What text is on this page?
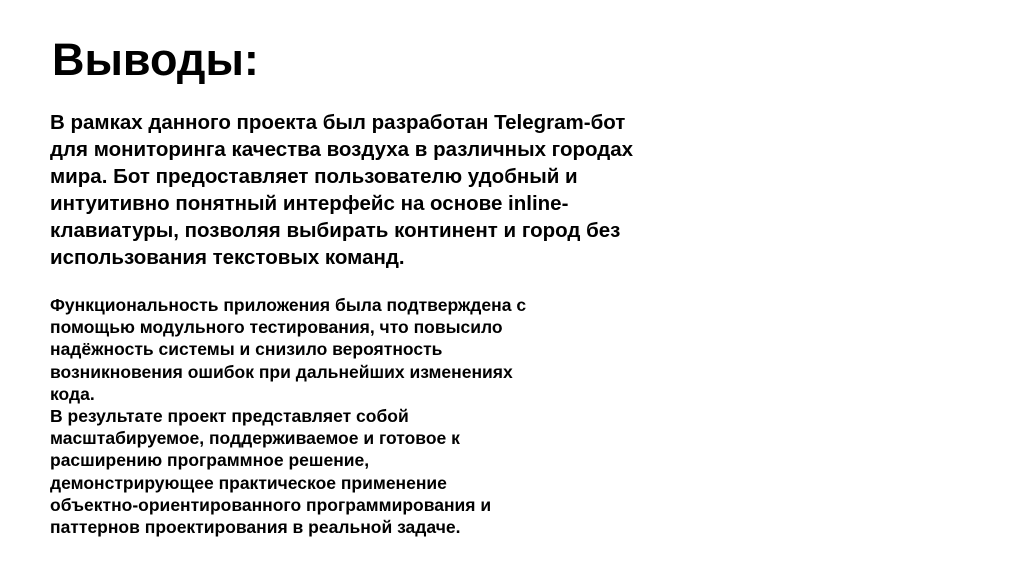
Выводы:

В рамках данного проекта был разработан Telegram-бот
для мониторинга качества воздуха в различных городах
мира. Бот предоставляет пользователю удобный и
интуитивно понятный интерфейс на основе inline-
клавиатуры, позволяя выбирать континент и город без
использования текстовых команд.

Функциональность приложения была подтверждена с
помощью модульного тестирования, что повысило
надёжность системы и снизило вероятность
возникновения ошибок при дальнейших изменениях
кода.
В результате проект представляет собой
масштабируемое, поддерживаемое и готовое к
расширению программное решение,
демонстрирующее практическое применение
объектно-ориентированного программирования и
паттернов проектирования в реальной задаче.
